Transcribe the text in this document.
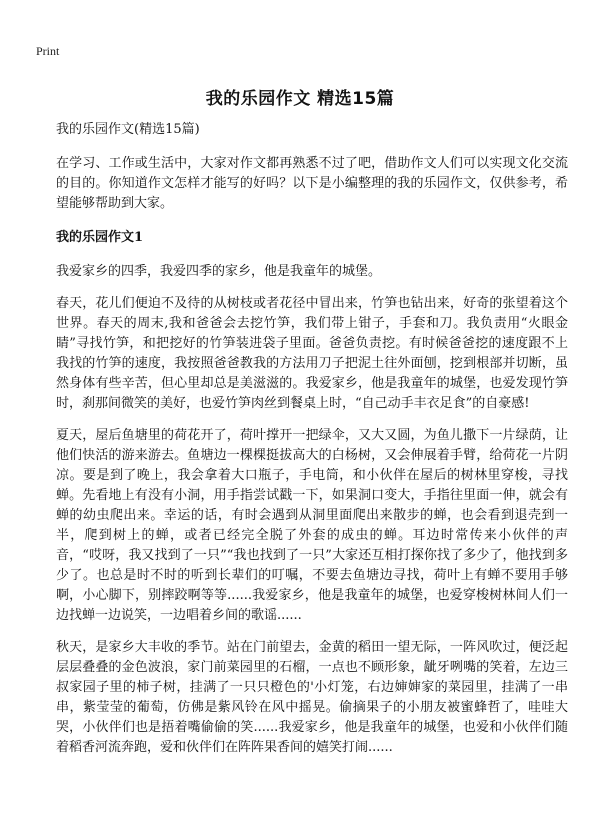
Print
我的乐园作文 精选15篇

我的乐园作文(精选15篇)

在学习、工作或生活中，大家对作文都再熟悉不过了吧，借助作文人们可以实现文化交流的目的。你知道作文怎样才能写的好吗？以下是小编整理的我的乐园作文，仅供参考，希望能够帮助到大家。

我的乐园作文1

我爱家乡的四季，我爱四季的家乡，他是我童年的城堡。

春天，花儿们便迫不及待的从树枝或者花径中冒出来，竹笋也钻出来，好奇的张望着这个世界。春天的周末,我和爸爸会去挖竹笋，我们带上钳子，手套和刀。我负责用“火眼金睛”寻找竹笋，和把挖好的竹笋装进袋子里面。爸爸负责挖。有时候爸爸挖的速度跟不上我找的竹笋的速度，我按照爸爸教我的方法用刀子把泥土往外面刨，挖到根部并切断，虽然身体有些辛苦，但心里却总是美滋滋的。我爱家乡，他是我童年的城堡，也爱发现竹笋时，刹那间微笑的美好，也爱竹笋肉丝到餐桌上时，“自己动手丰衣足食”的自豪感!

夏天，屋后鱼塘里的荷花开了，荷叶撑开一把绿伞，又大又圆，为鱼儿撒下一片绿荫，让他们快活的游来游去。鱼塘边一棵棵挺拔高大的白杨树，又会伸展着手臂，给荷花一片阴凉。要是到了晚上，我会拿着大口瓶子，手电筒，和小伙伴在屋后的树林里穿梭，寻找蝉。先看地上有没有小洞，用手指尝试戳一下，如果洞口变大，手指往里面一伸，就会有蝉的幼虫爬出来。幸运的话，有时会遇到从洞里面爬出来散步的蝉，也会看到退壳到一半，爬到树上的蝉，或者已经完全脱了外套的成虫的蝉。耳边时常传来小伙伴的声音，“哎呀，我又找到了一只”“我也找到了一只”大家还互相打探你找了多少了，他找到多少了。也总是时不时的听到长辈们的叮嘱，不要去鱼塘边寻找，荷叶上有蝉不要用手够啊，小心脚下，别摔跤啊等等......我爱家乡，他是我童年的城堡，也爱穿梭树林间人们一边找蝉一边说笑，一边唱着乡间的歌谣......

秋天，是家乡大丰收的季节。站在门前望去，金黄的稻田一望无际，一阵风吹过，便泛起层层叠叠的金色波浪，家门前菜园里的石榴，一点也不顾形象，龇牙咧嘴的笑着，左边三叔家园子里的柿子树，挂满了一只只橙色的'小灯笼，右边婶婶家的菜园里，挂满了一串串，紫莹莹的葡萄，仿佛是紫风铃在风中摇晃。偷摘果子的小朋友被蜜蜂哲了，哇哇大哭，小伙伴们也是捂着嘴偷偷的笑......我爱家乡，他是我童年的城堡，也爱和小伙伴们随着稻香河流奔跑，爱和伙伴们在阵阵果香间的嬉笑打闹......
